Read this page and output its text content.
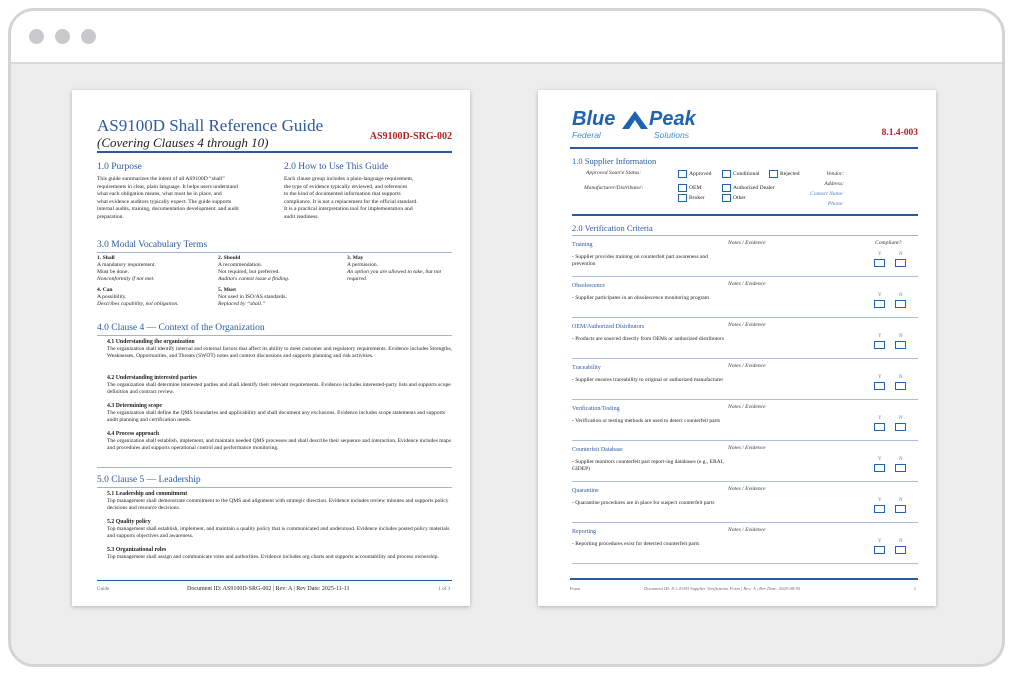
AS9100D Shall Reference Guide
(Covering Clauses 4 through 10)	AS9100D-SRG-002
1.0 Purpose
This guide summarizes the intent of all AS9100D “shall”
requirements in clear, plain language. It helps users understand
what each obligation means, what must be in place, and
what evidence auditors typically expect. The guide supports
internal audits, training, documentation development, and audit
preparation.
2.0 How to Use This Guide
Each clause group includes a plain-language requirement,
the type of evidence typically reviewed, and references
to the kind of documented information that supports
compliance. It is not a replacement for the official standard.
It is a practical interpretation tool for implementation and
audit readiness.
3.0 Modal Vocabulary Terms
1. Shall
A mandatory requirement.
Must be done.
Nonconformity if not met.
2. Should
A recommendation.
Not required, but preferred.
Auditors cannot issue a finding.
3. May
A permission.
An option you are allowed to take, but not required.
4. Can
A possibility.
Describes capability, not obligation.
5. Must
Not used in ISO/AS standards.
Replaced by “shall.”
4.0 Clause 4 — Context of the Organization
4.1 Understanding the organization
The organization shall identify internal and external factors that affect its ability to meet customer and regulatory requirements. Evidence includes Strengths, Weaknesses, Opportunities, and Threats (SWOT) notes and context discussions and supports planning and risk activities.
4.2 Understanding interested parties
The organization shall determine interested parties and shall identify their relevant requirements. Evidence includes interested-party lists and supports scope definition and contract review.
4.3 Determining scope
The organization shall define the QMS boundaries and applicability and shall document any exclusions. Evidence includes scope statements and supports audit planning and certification needs.
4.4 Process approach
The organization shall establish, implement, and maintain needed QMS processes and shall describe their sequence and interaction. Evidence includes maps and procedures and supports operational control and performance monitoring.
5.0 Clause 5 — Leadership
5.1 Leadership and commitment
Top management shall demonstrate commitment to the QMS and alignment with strategic direction. Evidence includes review minutes and supports policy decisions and resource decisions.
5.2 Quality policy
Top management shall establish, implement, and maintain a quality policy that is communicated and understood. Evidence includes posted policy materials and supports objectives and awareness.
5.3 Organizational roles
Top management shall assign and communicate roles and authorities. Evidence includes org charts and supports accountability and process ownership.
Guide	Document ID: AS9100D-SRG-002 | Rev: A | Rev Date: 2025-11-11	1 of 3
Blue Peak
Federal	Solutions	8.1.4-003
1.0 Supplier Information
Approved Source Status:	Approved	Conditional	Rejected
Manufacturer/Distributor:	OEM	Authorized Dealer
Broker	Other
Vendor:
Address:
Contact Name:
Phone:
2.0 Verification Criteria
Compliant?
Form	Document ID: 8.1.4-003 Supplier Verification Form | Rev: A | Rev Date: 2025-08-05	1
Training
- Supplier provides training on counterfeit part awareness and prevention
Notes / Evidence
Y	N
Obsolescence
- Supplier participates in an obsolescence monitoring program
Notes / Evidence
Y	N
OEM/Authorized Distributors
- Products are sourced directly from OEMs or authorized distributors
Notes / Evidence
Y	N
Traceability
- Supplier ensures traceability to original or authorized manufacturer
Notes / Evidence
Y	N
Verification/Testing
- Verification or testing methods are used to detect counterfeit parts
Notes / Evidence
Y	N
Counterfeit Database
- Supplier monitors counterfeit part report-ing databases (e.g., ERAI, GIDEP)
Notes / Evidence
Y	N
Quarantine
- Quarantine procedures are in place for suspect counterfeit parts
Notes / Evidence
Y	N
Reporting
- Reporting procedures exist for detected counterfeit parts
Notes / Evidence
Y	N
